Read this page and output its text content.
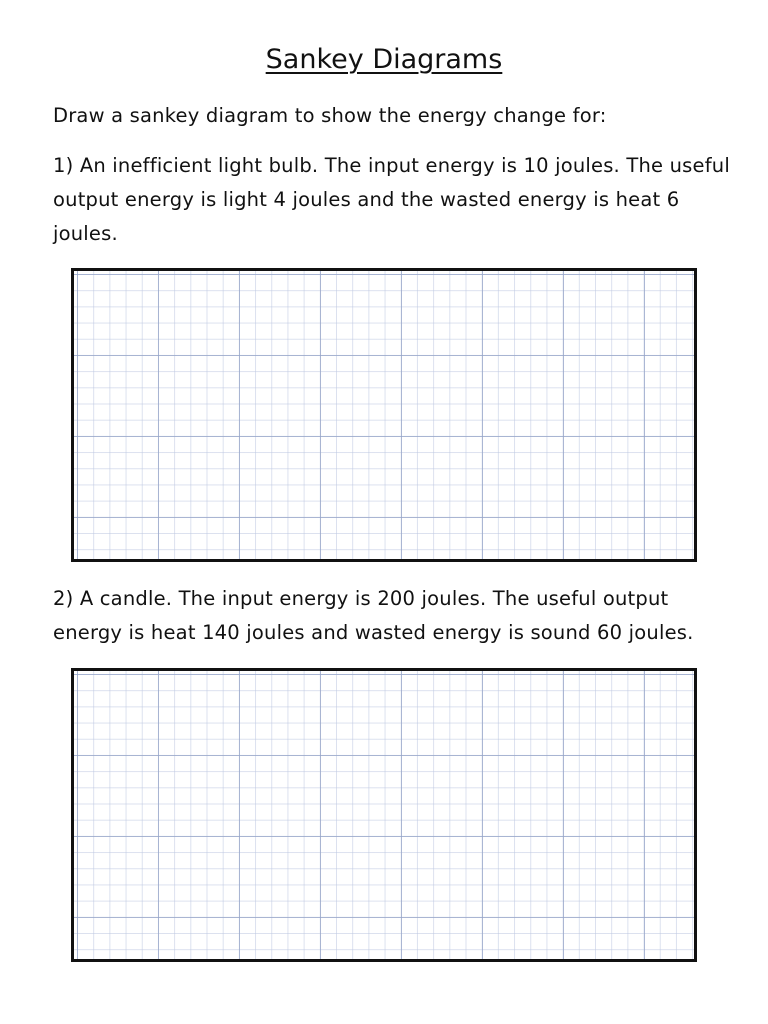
Sankey Diagrams
Draw a sankey diagram to show the energy change for:
1) An inefficient light bulb. The input energy is 10 joules. The useful output energy is light 4 joules and the wasted energy is heat 6 joules.
2) A candle. The input energy is 200 joules. The useful output energy is heat 140 joules and wasted energy is sound 60 joules.
